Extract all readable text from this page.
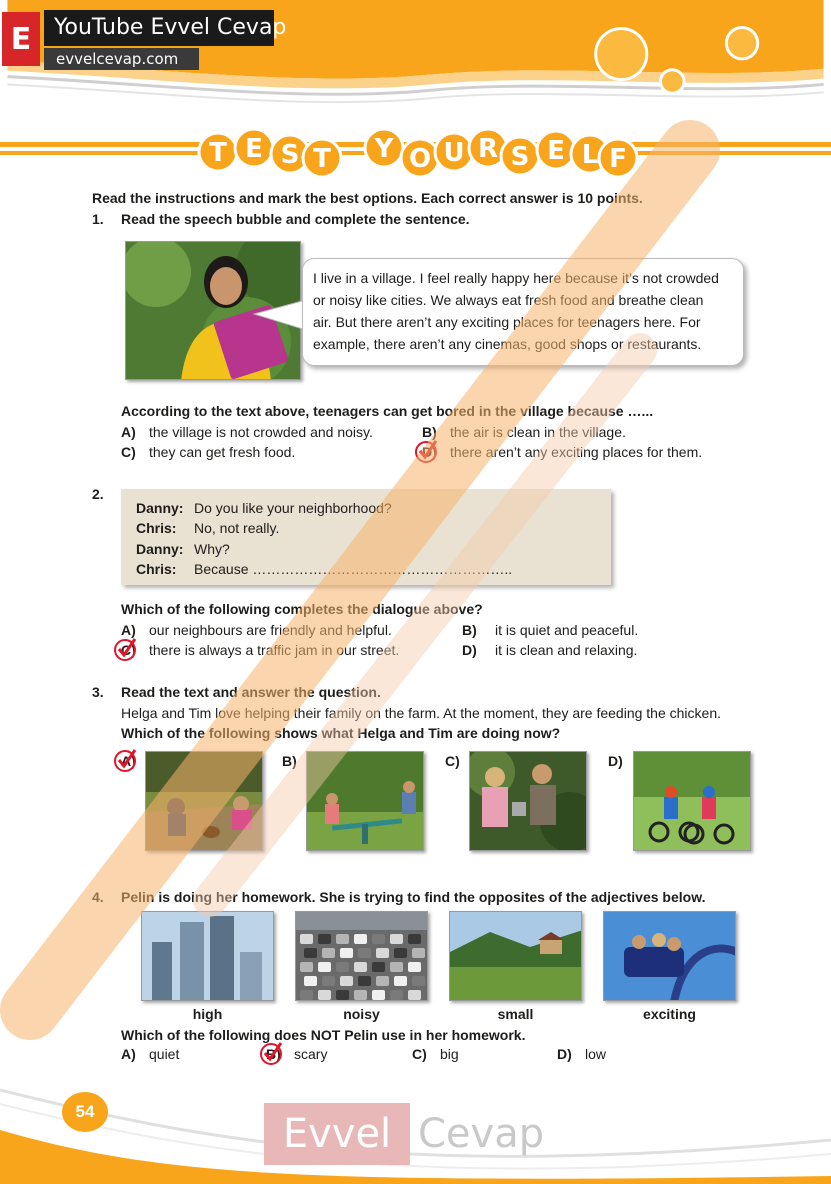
E	YouTube Evvel Cevap
evvelcevap.com
T E S T Y O U R S E L F
Read the instructions and mark the best options. Each correct answer is 10 points.
1. Read the speech bubble and complete the sentence.
I live in a village. I feel really happy here because it’s not crowded
or noisy like cities. We always eat fresh food and breathe clean
air. But there aren’t any exciting places for teenagers here. For
example, there aren’t any cinemas, good shops or restaurants.
According to the text above, teenagers can get bored in the village because …...
A) the village is not crowded and noisy.	B) the air is clean in the village.
C) they can get fresh food.	D) there aren’t any exciting places for them.
2.
Danny: Do you like your neighborhood?
Chris: No, not really.
Danny: Why?
Chris: Because ………………………………………………..
Which of the following completes the dialogue above?
A) our neighbours are friendly and helpful.	B) it is quiet and peaceful.
C) there is always a traffic jam in our street.	D) it is clean and relaxing.
3. Read the text and answer the question.
Helga and Tim love helping their family on the farm. At the moment, they are feeding the chicken.
Which of the following shows what Helga and Tim are doing now?
A)	B)	C)	D)
4. Pelin is doing her homework. She is trying to find the opposites of the adjectives below.
high	noisy	small	exciting
Which of the following does NOT Pelin use in her homework.
A) quiet	B) scary	C) big	D) low
54	Evvel Cevap
